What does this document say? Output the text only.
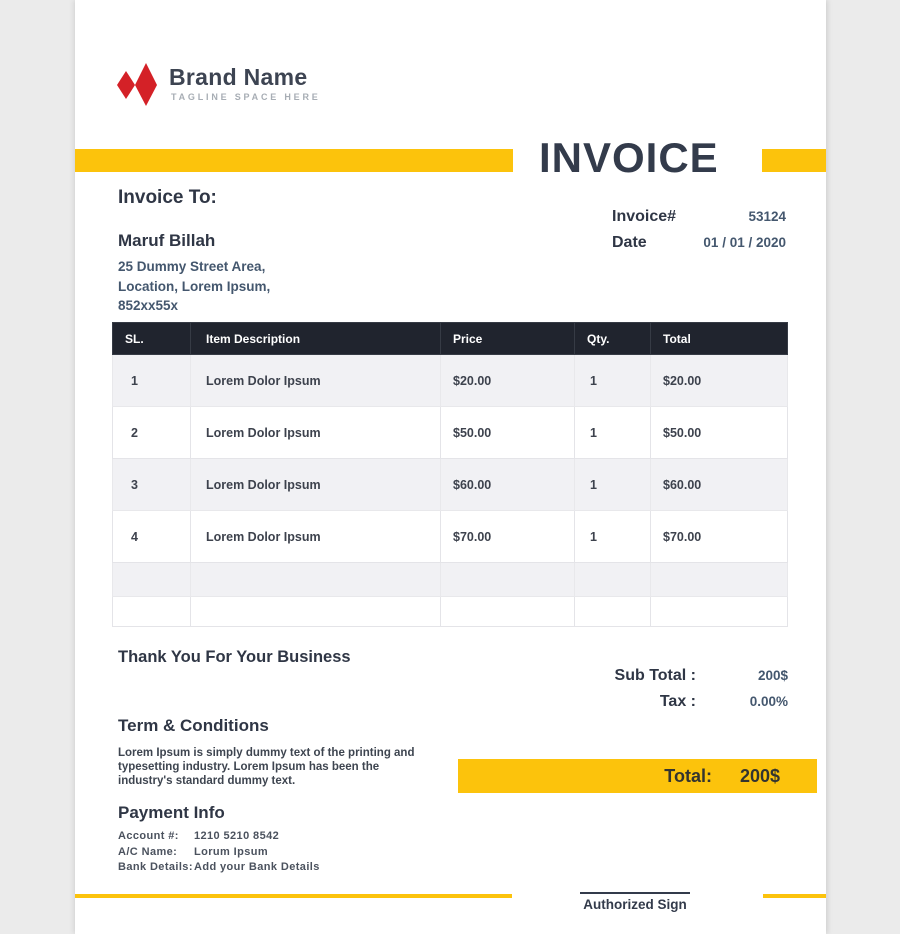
Brand Name
TAGLINE SPACE HERE
INVOICE
Invoice To:
Maruf Billah
25 Dummy Street Area,
Location, Lorem Ipsum,
852xx55x
Invoice#	53124
Date	01 / 01 / 2020
SL.	Item Description	Price	Qty.	Total
1	Lorem Dolor Ipsum	$20.00	1	$20.00
2	Lorem Dolor Ipsum	$50.00	1	$50.00
3	Lorem Dolor Ipsum	$60.00	1	$60.00
4	Lorem Dolor Ipsum	$70.00	1	$70.00

Thank You For Your Business
Sub Total :	200$
Tax :	0.00%
Term & Conditions
Lorem Ipsum is simply dummy text of the printing and typesetting industry. Lorem Ipsum has been the industry's standard dummy text.	Total: 200$
Payment Info
Account #:	1210 5210 8542
A/C Name:	Lorum Ipsum
Bank Details: Add your Bank Details
Authorized Sign
